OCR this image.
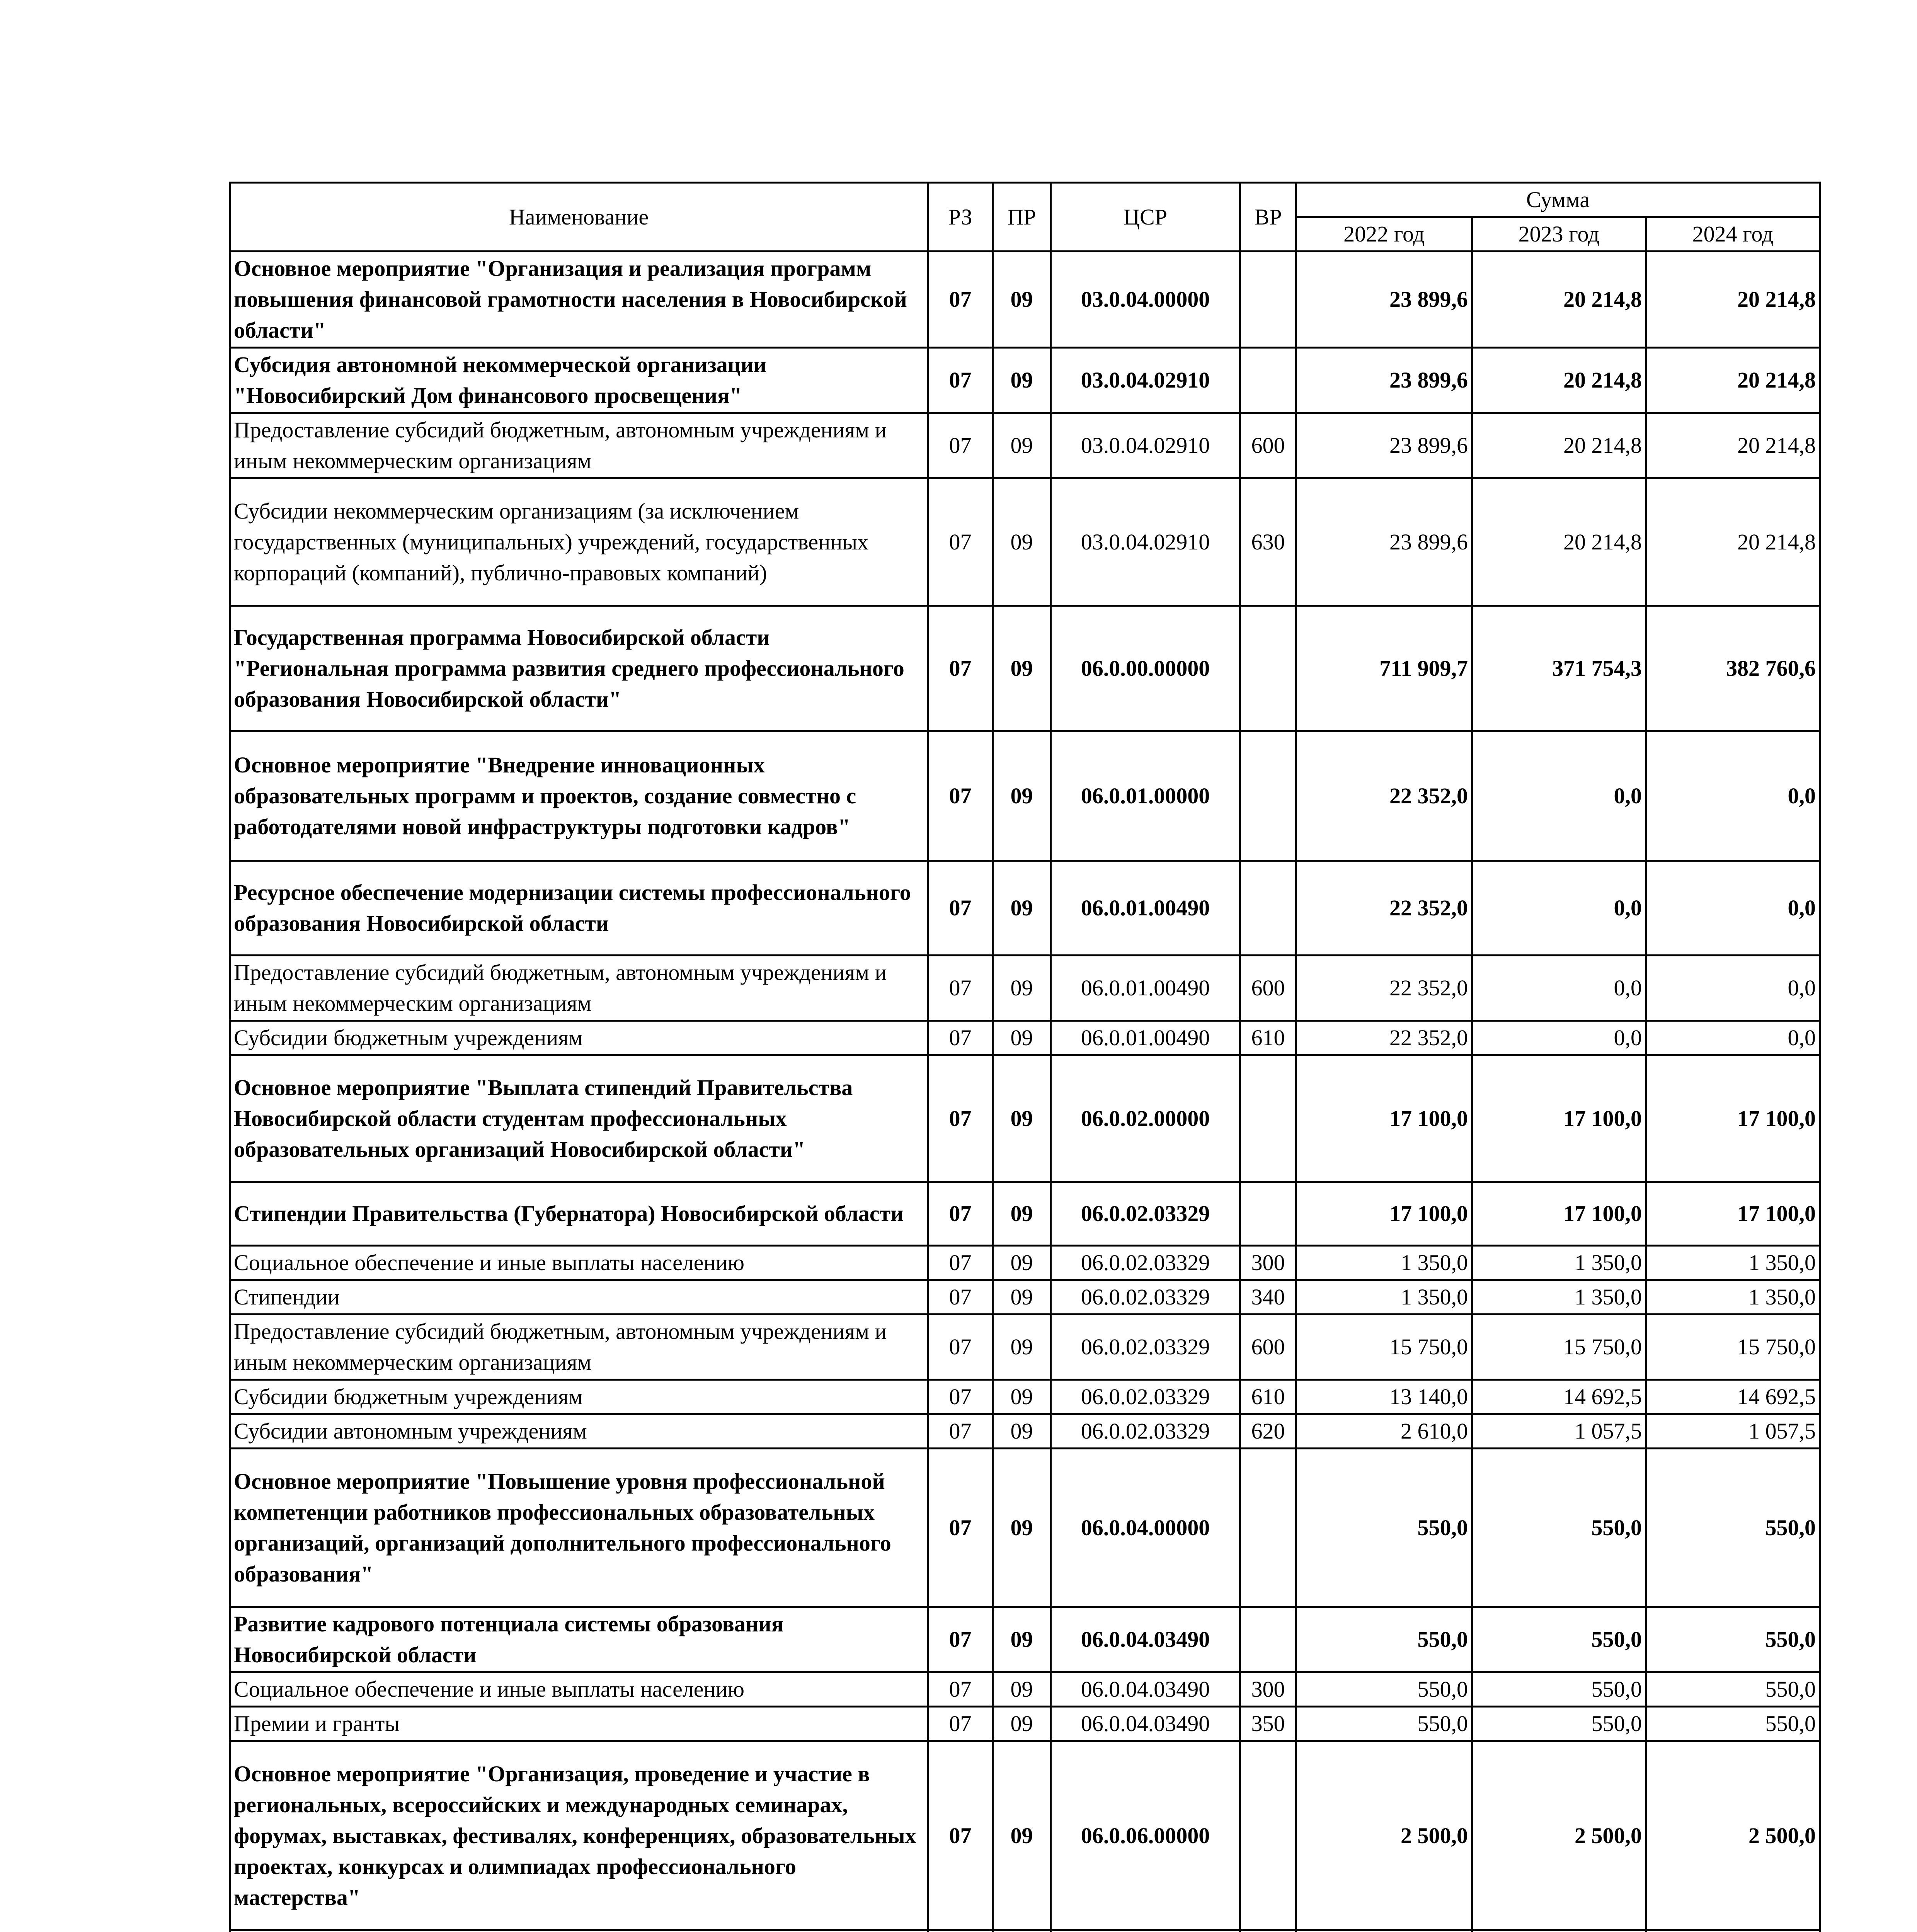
Наименование	РЗ	ПР	ЦСР	ВР	Сумма		
					2022 год	2023 год	2024 год
Основное мероприятие "Организация и реализация программ повышения финансовой грамотности населения в Новосибирской области"	07	09	03.0.04.00000		23 899,6	20 214,8	20 214,8
Субсидия автономной некоммерческой организации "Новосибирский Дом финансового просвещения"	07	09	03.0.04.02910		23 899,6	20 214,8	20 214,8
Предоставление субсидий бюджетным, автономным учреждениям и иным некоммерческим организациям	07	09	03.0.04.02910	600	23 899,6	20 214,8	20 214,8
Субсидии некоммерческим организациям (за исключением государственных (муниципальных) учреждений, государственных корпораций (компаний), публично-правовых компаний)	07	09	03.0.04.02910	630	23 899,6	20 214,8	20 214,8
Государственная программа Новосибирской области "Региональная программа развития среднего профессионального образования Новосибирской области"	07	09	06.0.00.00000		711 909,7	371 754,3	382 760,6
Основное мероприятие "Внедрение инновационных образовательных программ и проектов, создание совместно с работодателями новой инфраструктуры подготовки кадров"	07	09	06.0.01.00000		22 352,0	0,0	0,0
Ресурсное обеспечение модернизации системы профессионального образования Новосибирской области	07	09	06.0.01.00490		22 352,0	0,0	0,0
Предоставление субсидий бюджетным, автономным учреждениям и иным некоммерческим организациям	07	09	06.0.01.00490	600	22 352,0	0,0	0,0
Субсидии бюджетным учреждениям	07	09	06.0.01.00490	610	22 352,0	0,0	0,0
Основное мероприятие "Выплата стипендий Правительства Новосибирской области студентам профессиональных образовательных организаций Новосибирской области"	07	09	06.0.02.00000		17 100,0	17 100,0	17 100,0
Стипендии Правительства (Губернатора) Новосибирской области	07	09	06.0.02.03329		17 100,0	17 100,0	17 100,0
Социальное обеспечение и иные выплаты населению	07	09	06.0.02.03329	300	1 350,0	1 350,0	1 350,0
Стипендии	07	09	06.0.02.03329	340	1 350,0	1 350,0	1 350,0
Предоставление субсидий бюджетным, автономным учреждениям и иным некоммерческим организациям	07	09	06.0.02.03329	600	15 750,0	15 750,0	15 750,0
Субсидии бюджетным учреждениям	07	09	06.0.02.03329	610	13 140,0	14 692,5	14 692,5
Субсидии автономным учреждениям	07	09	06.0.02.03329	620	2 610,0	1 057,5	1 057,5
Основное мероприятие "Повышение уровня профессиональной компетенции работников профессиональных образовательных организаций, организаций дополнительного профессионального образования"	07	09	06.0.04.00000		550,0	550,0	550,0
Развитие кадрового потенциала системы образования Новосибирской области	07	09	06.0.04.03490		550,0	550,0	550,0
Социальное обеспечение и иные выплаты населению	07	09	06.0.04.03490	300	550,0	550,0	550,0
Премии и гранты	07	09	06.0.04.03490	350	550,0	550,0	550,0
Основное мероприятие "Организация, проведение и участие в региональных, всероссийских и международных семинарах, форумах, выставках, фестивалях, конференциях, образовательных проектах, конкурсах и олимпиадах профессионального мастерства"	07	09	06.0.06.00000		2 500,0	2 500,0	2 500,0
